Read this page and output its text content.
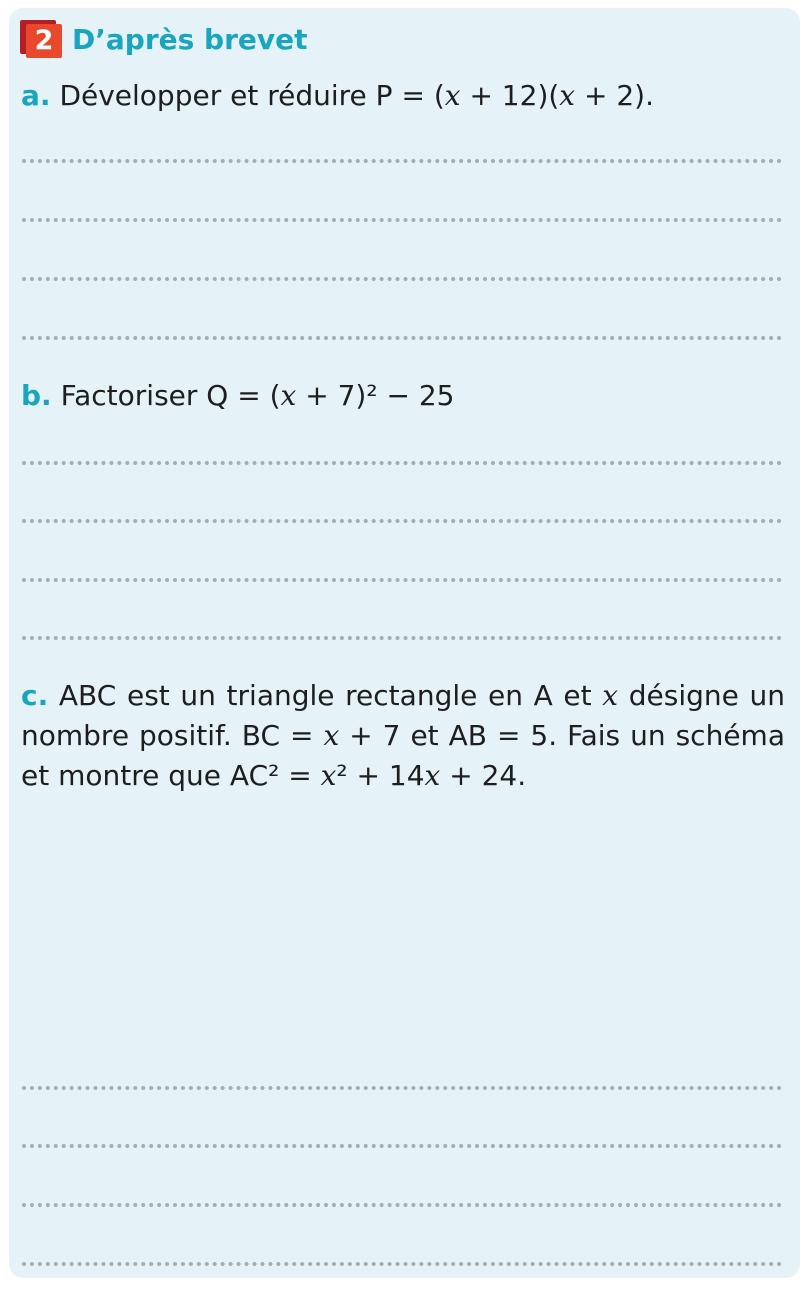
2 D’après brevet
a. Développer et réduire P = (x + 12)(x + 2).
b. Factoriser Q = (x + 7)² − 25
c. ABC est un triangle rectangle en A et x désigne un nombre positif. BC = x + 7 et AB = 5. Fais un schéma et montre que AC² = x² + 14x + 24.
